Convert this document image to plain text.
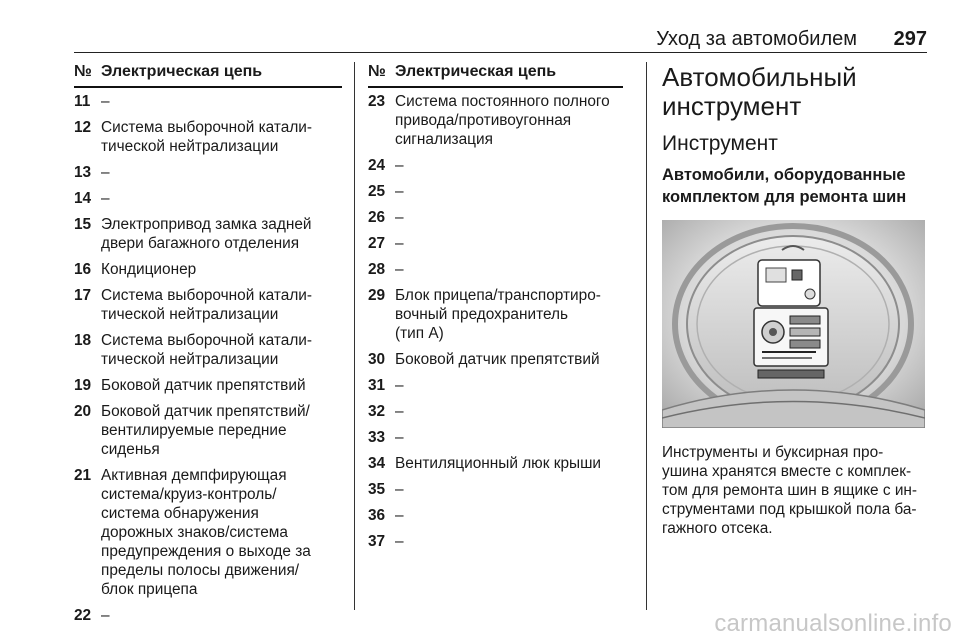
Уход за автомобилем 297
№ Электрическая цепь
11 –
12 Система выборочной катали-
тической нейтрализации
13 –
14 –
15 Электропривод замка задней
двери багажного отделения
16 Кондиционер
17 Система выборочной катали-
тической нейтрализации
18 Система выборочной катали-
тической нейтрализации
19 Боковой датчик препятствий
20 Боковой датчик препятствий/
вентилируемые передние
сиденья
21 Активная демпфирующая
система/круиз-контроль/
система обнаружения
дорожных знаков/система
предупреждения о выходе за
пределы полосы движения/
блок прицепа
22 –
№ Электрическая цепь
23 Система постоянного полного
привода/противоугонная
сигнализация
24 –
25 –
26 –
27 –
28 –
29 Блок прицепа/транспортиро-
вочный предохранитель
(тип А)
30 Боковой датчик препятствий
31 –
32 –
33 –
34 Вентиляционный люк крыши
35 –
36 –
37 –
Автомобильный
инструмент
Инструмент
Автомобили, оборудованные
комплектом для ремонта шин
Инструменты и буксирная про-
ушина хранятся вместе с комплек-
том для ремонта шин в ящике с ин-
струментами под крышкой пола ба-
гажного отсека.
carmanualsonline.info
